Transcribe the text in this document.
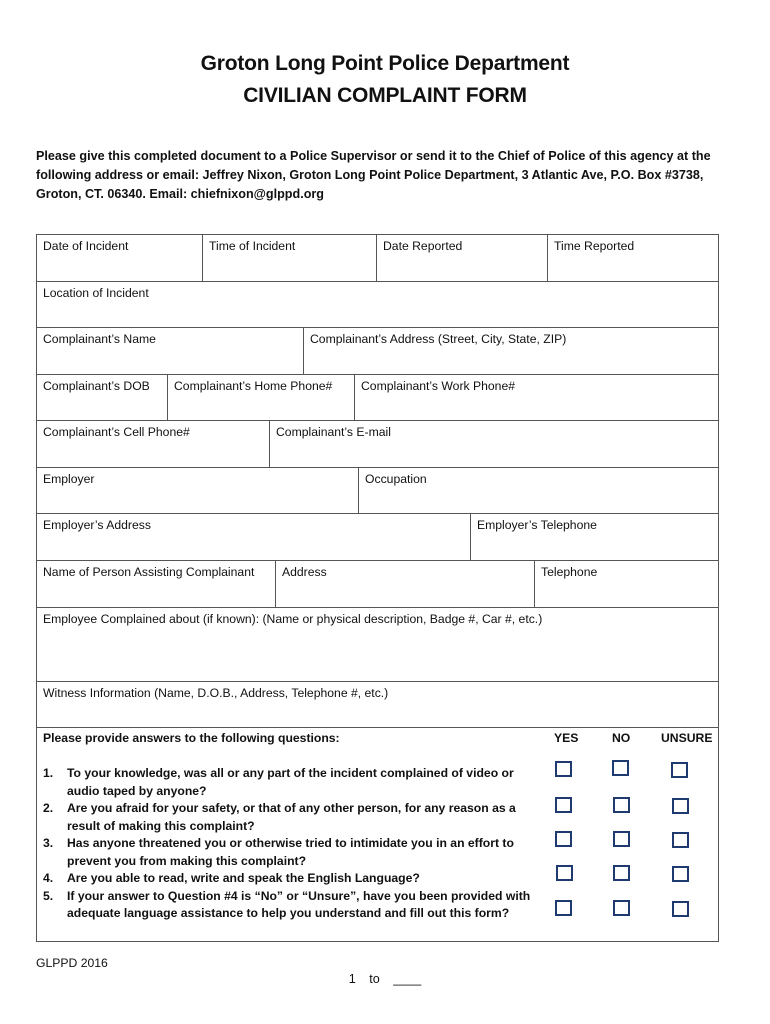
Groton Long Point Police Department
CIVILIAN COMPLAINT FORM
Please give this completed document to a Police Supervisor or send it to the Chief of Police of this agency at the following address or email: Jeffrey Nixon, Groton Long Point Police Department, 3 Atlantic Ave, P.O. Box #3738, Groton, CT. 06340. Email: chiefnixon@glppd.org
Date of Incident	Time of Incident	Date Reported	Time Reported
Location of Incident
Complainant’s Name	Complainant’s Address (Street, City, State, ZIP)
Complainant’s DOB	Complainant’s Home Phone#	Complainant’s Work Phone#
Complainant’s Cell Phone#	Complainant’s E-mail
Employer	Occupation
Employer’s Address	Employer’s Telephone
Name of Person Assisting Complainant	Address	Telephone
Employee Complained about (if known): (Name or physical description, Badge #, Car #, etc.)
Witness Information (Name, D.O.B., Address, Telephone #, etc.)
Please provide answers to the following questions:	YES	NO	UNSURE
1. To your knowledge, was all or any part of the incident complained of video or audio taped by anyone?
2. Are you afraid for your safety, or that of any other person, for any reason as a result of making this complaint?
3. Has anyone threatened you or otherwise tried to intimidate you in an effort to prevent you from making this complaint?
4. Are you able to read, write and speak the English Language?
5. If your answer to Question #4 is “No” or “Unsure”, have you been provided with adequate language assistance to help you understand and fill out this form?
GLPPD 2016
1 to ____
